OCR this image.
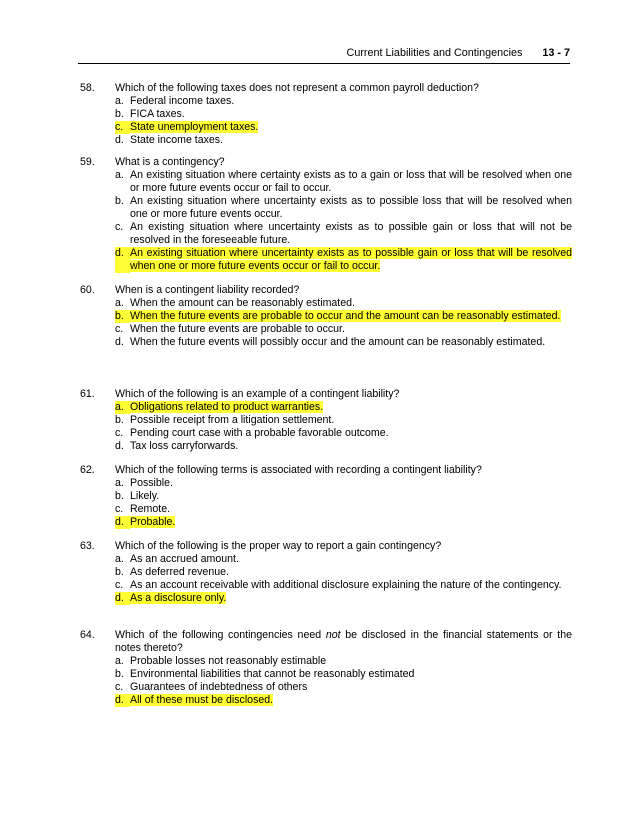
Current Liabilities and Contingencies 13 - 7
58.	Which of the following taxes does not represent a common payroll deduction?
a. Federal income taxes.
b. FICA taxes.
c. State unemployment taxes.
d. State income taxes.
59.	What is a contingency?
a. An existing situation where certainty exists as to a gain or loss that will be resolved when one or more future events occur or fail to occur.
b. An existing situation where uncertainty exists as to possible loss that will be resolved when one or more future events occur.
c. An existing situation where uncertainty exists as to possible gain or loss that will not be resolved in the foreseeable future.
d. An existing situation where uncertainty exists as to possible gain or loss that will be resolved when one or more future events occur or fail to occur.
60.	When is a contingent liability recorded?
a. When the amount can be reasonably estimated.
b. When the future events are probable to occur and the amount can be reasonably estimated.
c. When the future events are probable to occur.
d. When the future events will possibly occur and the amount can be reasonably estimated.
61.	Which of the following is an example of a contingent liability?
a. Obligations related to product warranties.
b. Possible receipt from a litigation settlement.
c. Pending court case with a probable favorable outcome.
d. Tax loss carryforwards.
62.	Which of the following terms is associated with recording a contingent liability?
a. Possible.
b. Likely.
c. Remote.
d. Probable.
63.	Which of the following is the proper way to report a gain contingency?
a. As an accrued amount.
b. As deferred revenue.
c. As an account receivable with additional disclosure explaining the nature of the contingency.
d. As a disclosure only.
64.	Which of the following contingencies need not be disclosed in the financial statements or the notes thereto?
a. Probable losses not reasonably estimable
b. Environmental liabilities that cannot be reasonably estimated
c. Guarantees of indebtedness of others
d. All of these must be disclosed.
